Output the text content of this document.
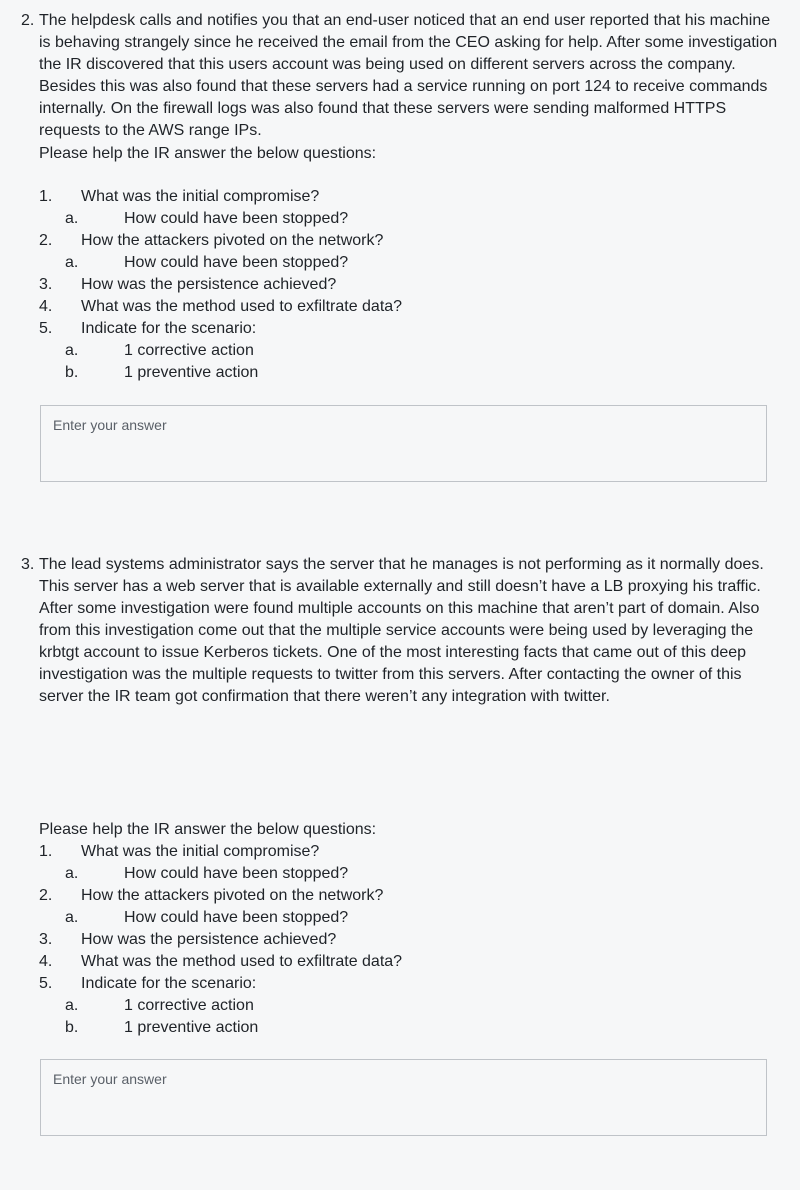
2. The helpdesk calls and notifies you that an end-user noticed that an end user reported that his machine is behaving strangely since he received the email from the CEO asking for help. After some investigation the IR discovered that this users account was being used on different servers across the company. Besides this was also found that these servers had a service running on port 124 to receive commands internally. On the firewall logs was also found that these servers were sending malformed HTTPS requests to the AWS range IPs.

Please help the IR answer the below questions:
1. What was the initial compromise?
a.	How could have been stopped?
2. How the attackers pivoted on the network?
a.	How could have been stopped?
3. How was the persistence achieved?
4. What was the method used to exfiltrate data?
5. Indicate for the scenario:
a.	1 corrective action
b.	1 preventive action
Enter your answer

3. The lead systems administrator says the server that he manages is not performing as it normally does. This server has a web server that is available externally and still doesn’t have a LB proxying his traffic. After some investigation were found multiple accounts on this machine that aren’t part of domain. Also from this investigation come out that the multiple service accounts were being used by leveraging the krbtgt account to issue Kerberos tickets. One of the most interesting facts that came out of this deep investigation was the multiple requests to twitter from this servers. After contacting the owner of this server the IR team got confirmation that there weren’t any integration with twitter.

Please help the IR answer the below questions:
1. What was the initial compromise?
a.	How could have been stopped?
2. How the attackers pivoted on the network?
a.	How could have been stopped?
3. How was the persistence achieved?
4. What was the method used to exfiltrate data?
5. Indicate for the scenario:
a.	1 corrective action
b.	1 preventive action
Enter your answer
